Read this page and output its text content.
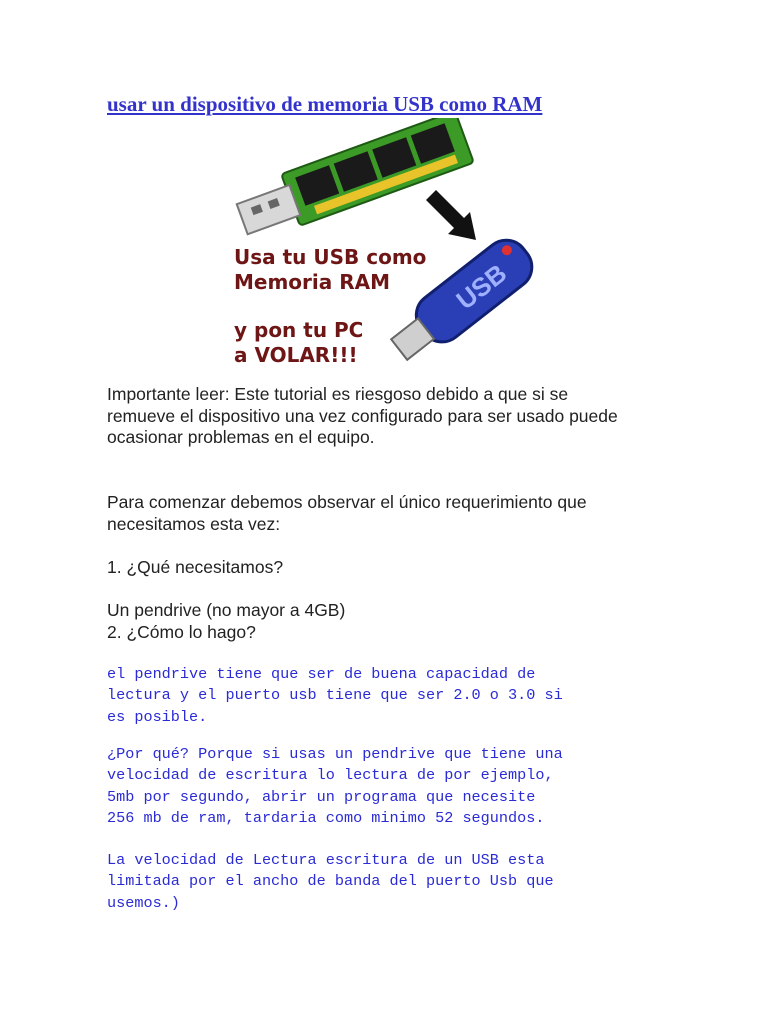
usar un dispositivo de memoria USB como RAM
USB
Usa tu USB como
Memoria RAM
y pon tu PC
a VOLAR!!!

Importante leer: Este tutorial es riesgoso debido a que si se
remueve el dispositivo una vez configurado para ser usado puede
ocasionar problemas en el equipo.

Para comenzar debemos observar el único requerimiento que
necesitamos esta vez:

1. ¿Qué necesitamos?

Un pendrive (no mayor a 4GB)
2. ¿Cómo lo hago?

el pendrive tiene que ser de buena capacidad de
lectura y el puerto usb tiene que ser 2.0 o 3.0 si
es posible.

¿Por qué? Porque si usas un pendrive que tiene una
velocidad de escritura lo lectura de por ejemplo,
5mb por segundo, abrir un programa que necesite
256 mb de ram, tardaria como minimo 52 segundos.

La velocidad de Lectura escritura de un USB esta
limitada por el ancho de banda del puerto Usb que
usemos.)
